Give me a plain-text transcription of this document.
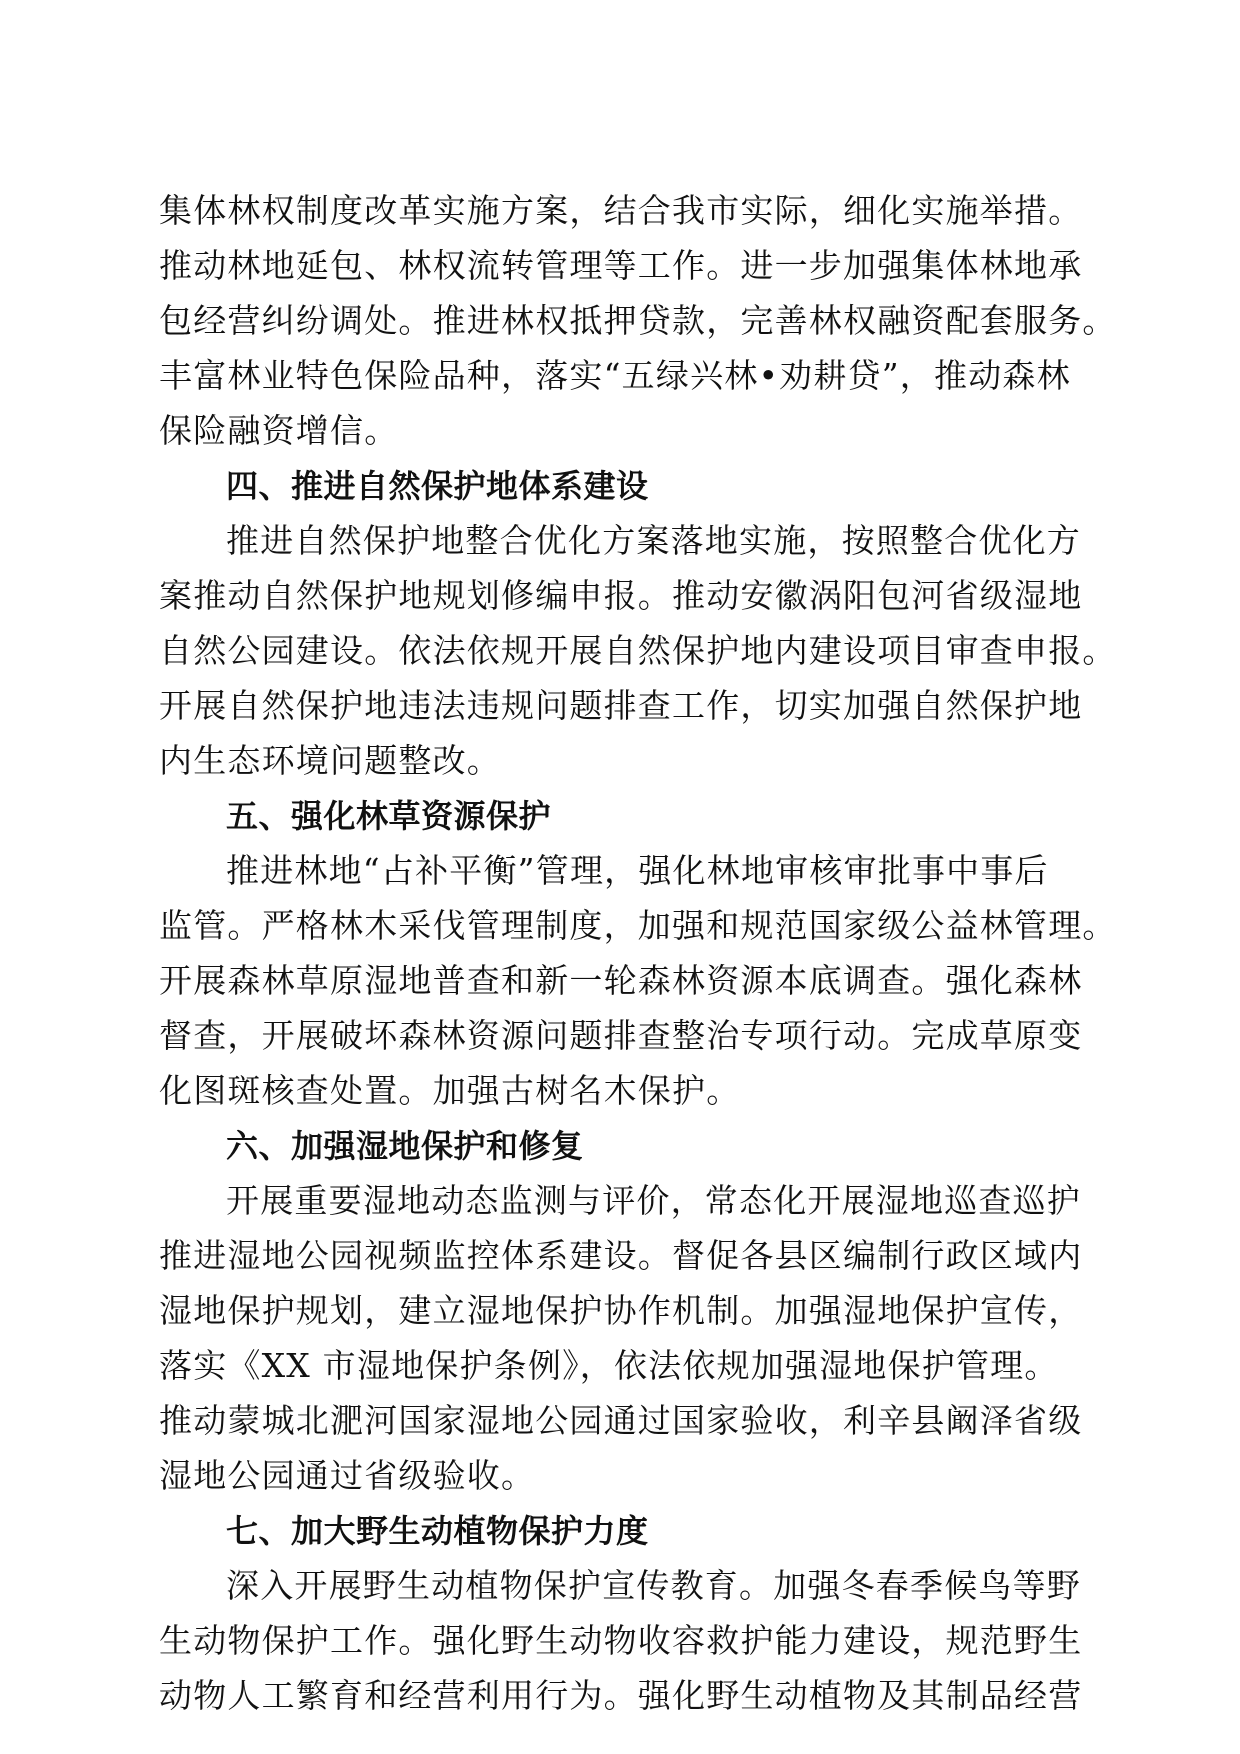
集体林权制度改革实施方案，结合我市实际，细化实施举措。
推动林地延包、林权流转管理等工作。进一步加强集体林地承
包经营纠纷调处。推进林权抵押贷款，完善林权融资配套服务。
丰富林业特色保险品种，落实“五绿兴林•劝耕贷”，推动森林
保险融资增信。
四、推进自然保护地体系建设
推进自然保护地整合优化方案落地实施，按照整合优化方
案推动自然保护地规划修编申报。推动安徽涡阳包河省级湿地
自然公园建设。依法依规开展自然保护地内建设项目审查申报。
开展自然保护地违法违规问题排查工作，切实加强自然保护地
内生态环境问题整改。
五、强化林草资源保护
推进林地“占补平衡”管理，强化林地审核审批事中事后
监管。严格林木采伐管理制度，加强和规范国家级公益林管理。
开展森林草原湿地普查和新一轮森林资源本底调查。强化森林
督查，开展破坏森林资源问题排查整治专项行动。完成草原变
化图斑核查处置。加强古树名木保护。
六、加强湿地保护和修复
开展重要湿地动态监测与评价，常态化开展湿地巡查巡护
推进湿地公园视频监控体系建设。督促各县区编制行政区域内
湿地保护规划，建立湿地保护协作机制。加强湿地保护宣传，
落实《XX 市湿地保护条例》，依法依规加强湿地保护管理。
推动蒙城北淝河国家湿地公园通过国家验收，利辛县阚泽省级
湿地公园通过省级验收。
七、加大野生动植物保护力度
深入开展野生动植物保护宣传教育。加强冬春季候鸟等野
生动物保护工作。强化野生动物收容救护能力建设，规范野生
动物人工繁育和经营利用行为。强化野生动植物及其制品经营
